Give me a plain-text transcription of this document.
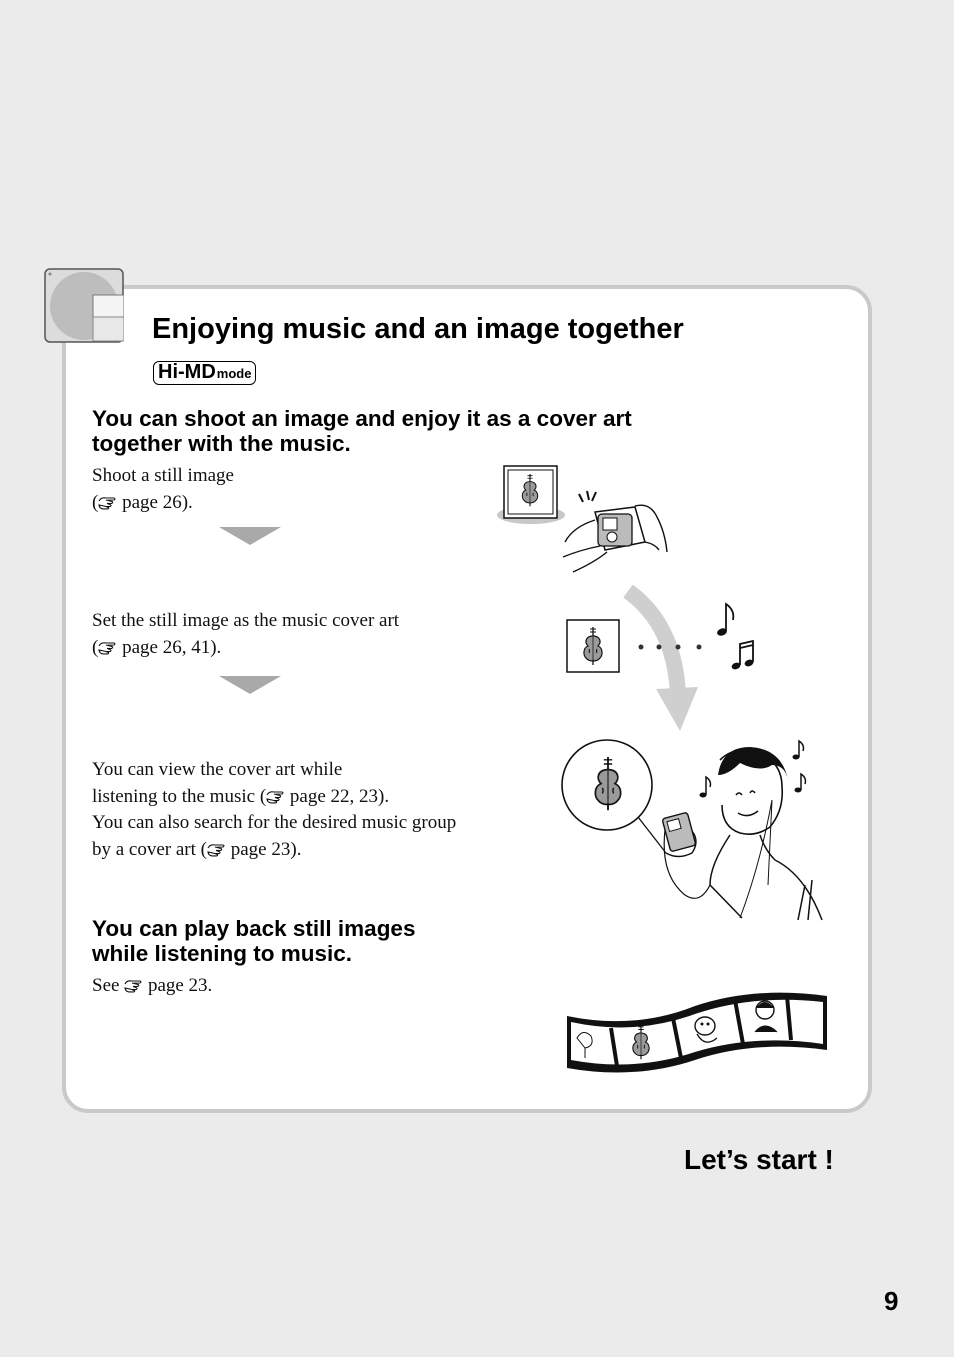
Enjoying music and an image together
Hi-MD mode
You can shoot an image and enjoy it as a cover art
together with the music.
Shoot a still image
( page 26).
Set the still image as the music cover art
( page 26, 41).
You can view the cover art while
listening to the music ( page 22, 23).
You can also search for the desired music group
by a cover art ( page 23).
You can play back still images
while listening to music.
See page 23.
Let’s start !
9
